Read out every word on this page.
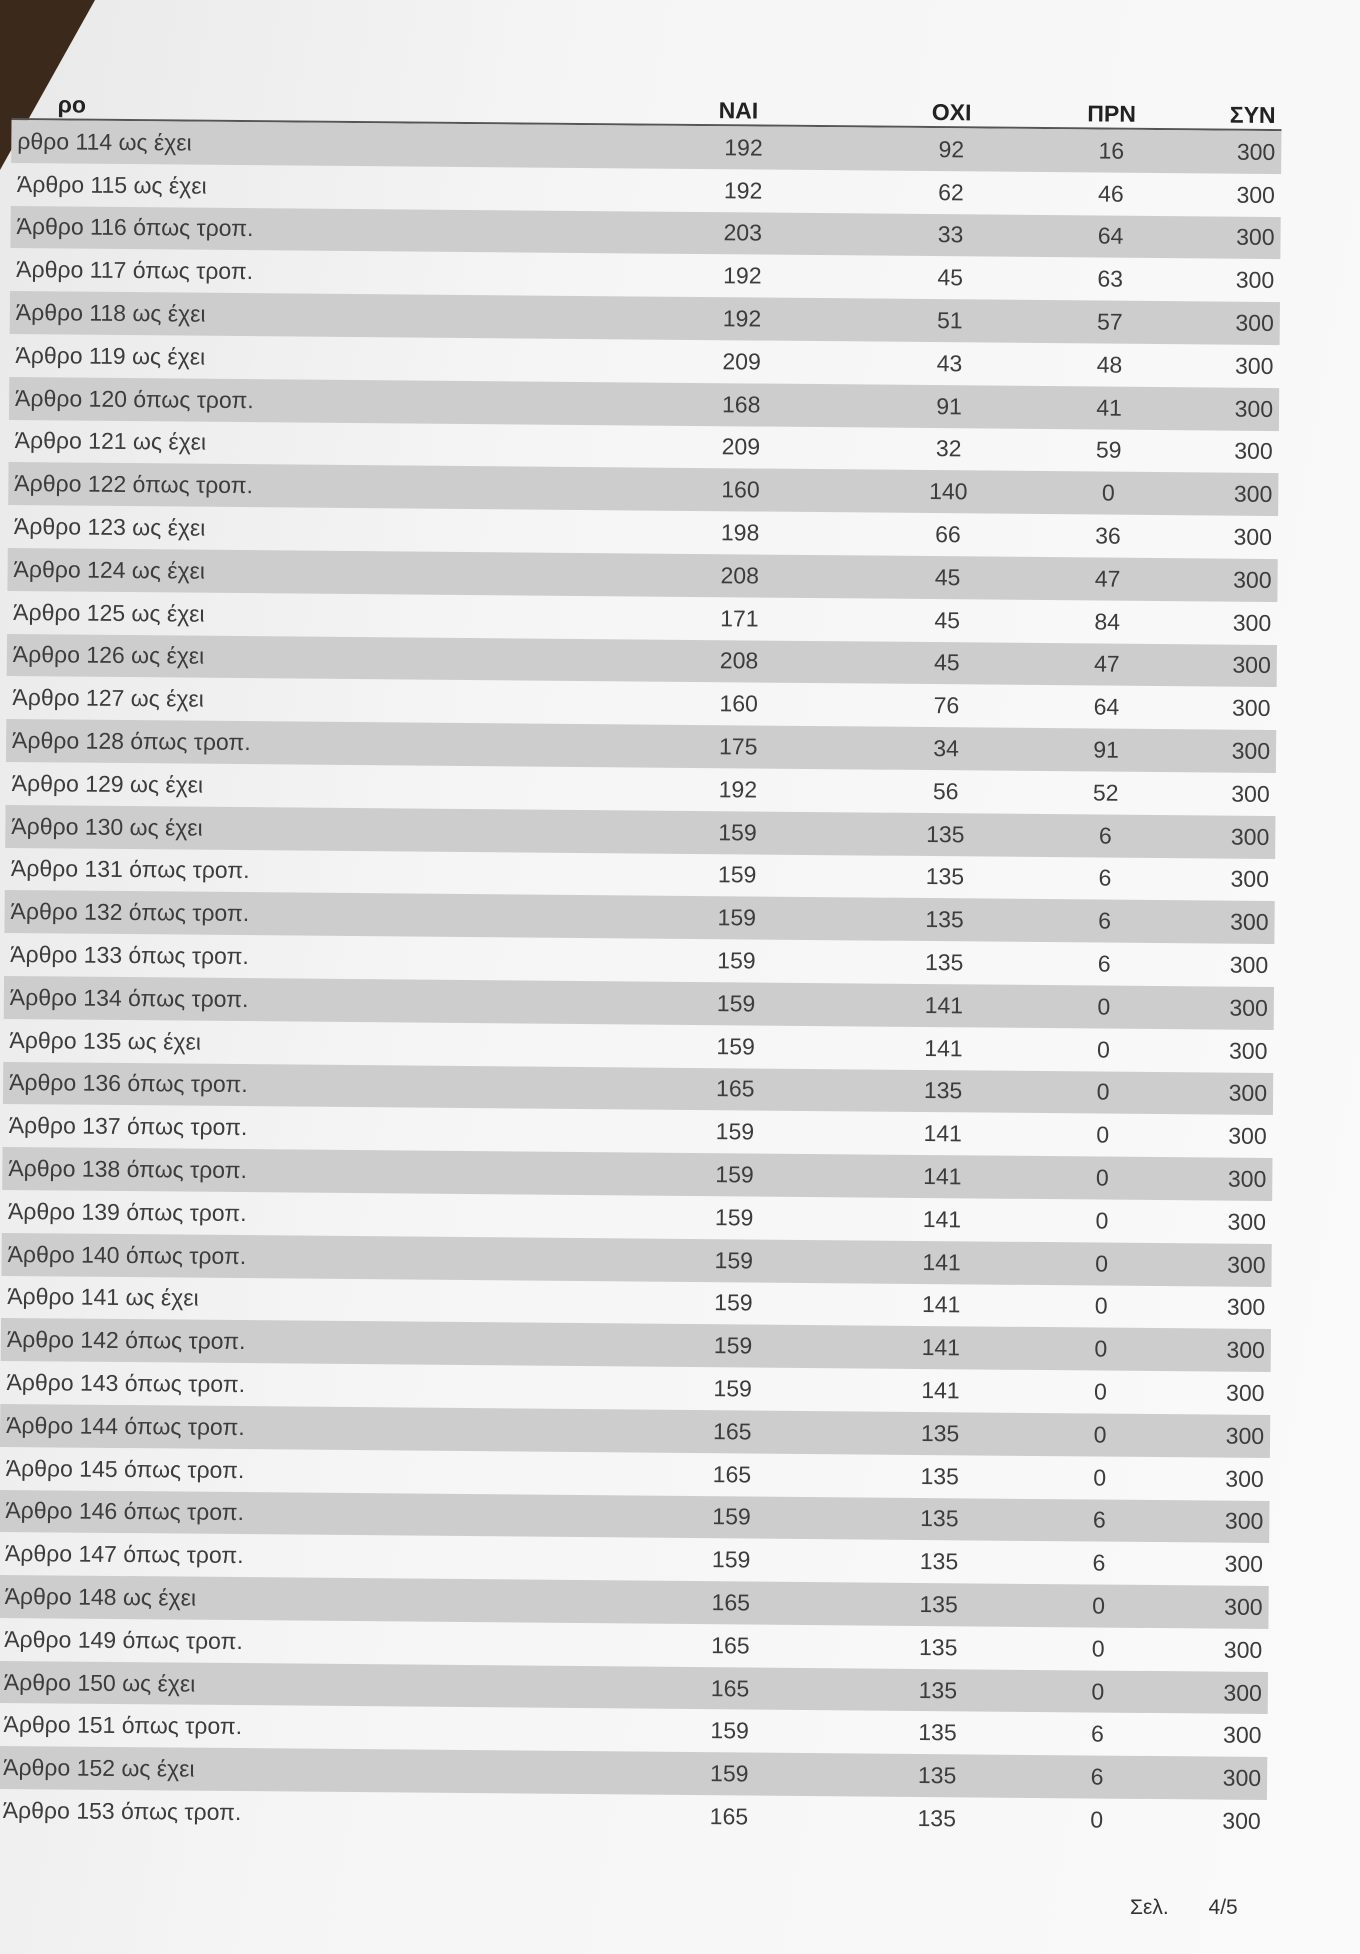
ρο	ΝΑΙ	ΟΧΙ	ΠΡΝ	ΣΥΝ
ρθρο 114 ως έχει	192	92	16	300
Άρθρο 115 ως έχει	192	62	46	300
Άρθρο 116 όπως τροπ.	203	33	64	300
Άρθρο 117 όπως τροπ.	192	45	63	300
Άρθρο 118 ως έχει	192	51	57	300
Άρθρο 119 ως έχει	209	43	48	300
Άρθρο 120 όπως τροπ.	168	91	41	300
Άρθρο 121 ως έχει	209	32	59	300
Άρθρο 122 όπως τροπ.	160	140	0	300
Άρθρο 123 ως έχει	198	66	36	300
Άρθρο 124 ως έχει	208	45	47	300
Άρθρο 125 ως έχει	171	45	84	300
Άρθρο 126 ως έχει	208	45	47	300
Άρθρο 127 ως έχει	160	76	64	300
Άρθρο 128 όπως τροπ.	175	34	91	300
Άρθρο 129 ως έχει	192	56	52	300
Άρθρο 130 ως έχει	159	135	6	300
Άρθρο 131 όπως τροπ.	159	135	6	300
Άρθρο 132 όπως τροπ.	159	135	6	300
Άρθρο 133 όπως τροπ.	159	135	6	300
Άρθρο 134 όπως τροπ.	159	141	0	300
Άρθρο 135 ως έχει	159	141	0	300
Άρθρο 136 όπως τροπ.	165	135	0	300
Άρθρο 137 όπως τροπ.	159	141	0	300
Άρθρο 138 όπως τροπ.	159	141	0	300
Άρθρο 139 όπως τροπ.	159	141	0	300
Άρθρο 140 όπως τροπ.	159	141	0	300
Άρθρο 141 ως έχει	159	141	0	300
Άρθρο 142 όπως τροπ.	159	141	0	300
Άρθρο 143 όπως τροπ.	159	141	0	300
Άρθρο 144 όπως τροπ.	165	135	0	300
Άρθρο 145 όπως τροπ.	165	135	0	300
Άρθρο 146 όπως τροπ.	159	135	6	300
Άρθρο 147 όπως τροπ.	159	135	6	300
Άρθρο 148 ως έχει	165	135	0	300
Άρθρο 149 όπως τροπ.	165	135	0	300
Άρθρο 150 ως έχει	165	135	0	300
Άρθρο 151 όπως τροπ.	159	135	6	300
Άρθρο 152 ως έχει	159	135	6	300
Άρθρο 153 όπως τροπ.	165	135	0	300
Σελ. 4/5
